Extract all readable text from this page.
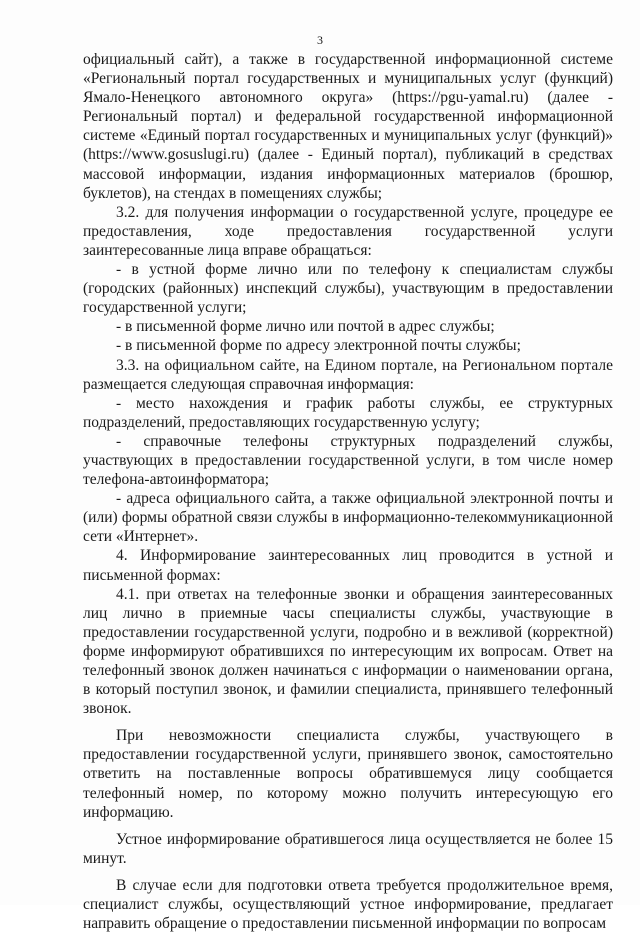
3

официальный сайт), а также в государственной информационной системе «Региональный портал государственных и муниципальных услуг (функций) Ямало-Ненецкого автономного округа» (https://pgu-yamal.ru) (далее - Региональный портал) и федеральной государственной информационной системе «Единый портал государственных и муниципальных услуг (функций)» (https://www.gosuslugi.ru) (далее - Единый портал), публикаций в средствах массовой информации, издания информационных материалов (брошюр, буклетов), на стендах в помещениях службы;

3.2. для получения информации о государственной услуге, процедуре ее предоставления, ходе предоставления государственной услуги заинтересованные лица вправе обращаться:

- в устной форме лично или по телефону к специалистам службы (городских (районных) инспекций службы), участвующим в предоставлении государственной услуги;

- в письменной форме лично или почтой в адрес службы;

- в письменной форме по адресу электронной почты службы;

3.3. на официальном сайте, на Едином портале, на Региональном портале размещается следующая справочная информация:

- место нахождения и график работы службы, ее структурных подразделений, предоставляющих государственную услугу;

- справочные телефоны структурных подразделений службы, участвующих в предоставлении государственной услуги, в том числе номер телефона-автоинформатора;

- адреса официального сайта, а также официальной электронной почты и (или) формы обратной связи службы в информационно-телекоммуникационной сети «Интернет».

4. Информирование заинтересованных лиц проводится в устной и письменной формах:

4.1. при ответах на телефонные звонки и обращения заинтересованных лиц лично в приемные часы специалисты службы, участвующие в предоставлении государственной услуги, подробно и в вежливой (корректной) форме информируют обратившихся по интересующим их вопросам. Ответ на телефонный звонок должен начинаться с информации о наименовании органа, в который поступил звонок, и фамилии специалиста, принявшего телефонный звонок.

При невозможности специалиста службы, участвующего в предоставлении государственной услуги, принявшего звонок, самостоятельно ответить на поставленные вопросы обратившемуся лицу сообщается телефонный номер, по которому можно получить интересующую его информацию.

Устное информирование обратившегося лица осуществляется не более 15 минут.

В случае если для подготовки ответа требуется продолжительное время, специалист службы, осуществляющий устное информирование, предлагает направить обращение о предоставлении письменной информации по вопросам
